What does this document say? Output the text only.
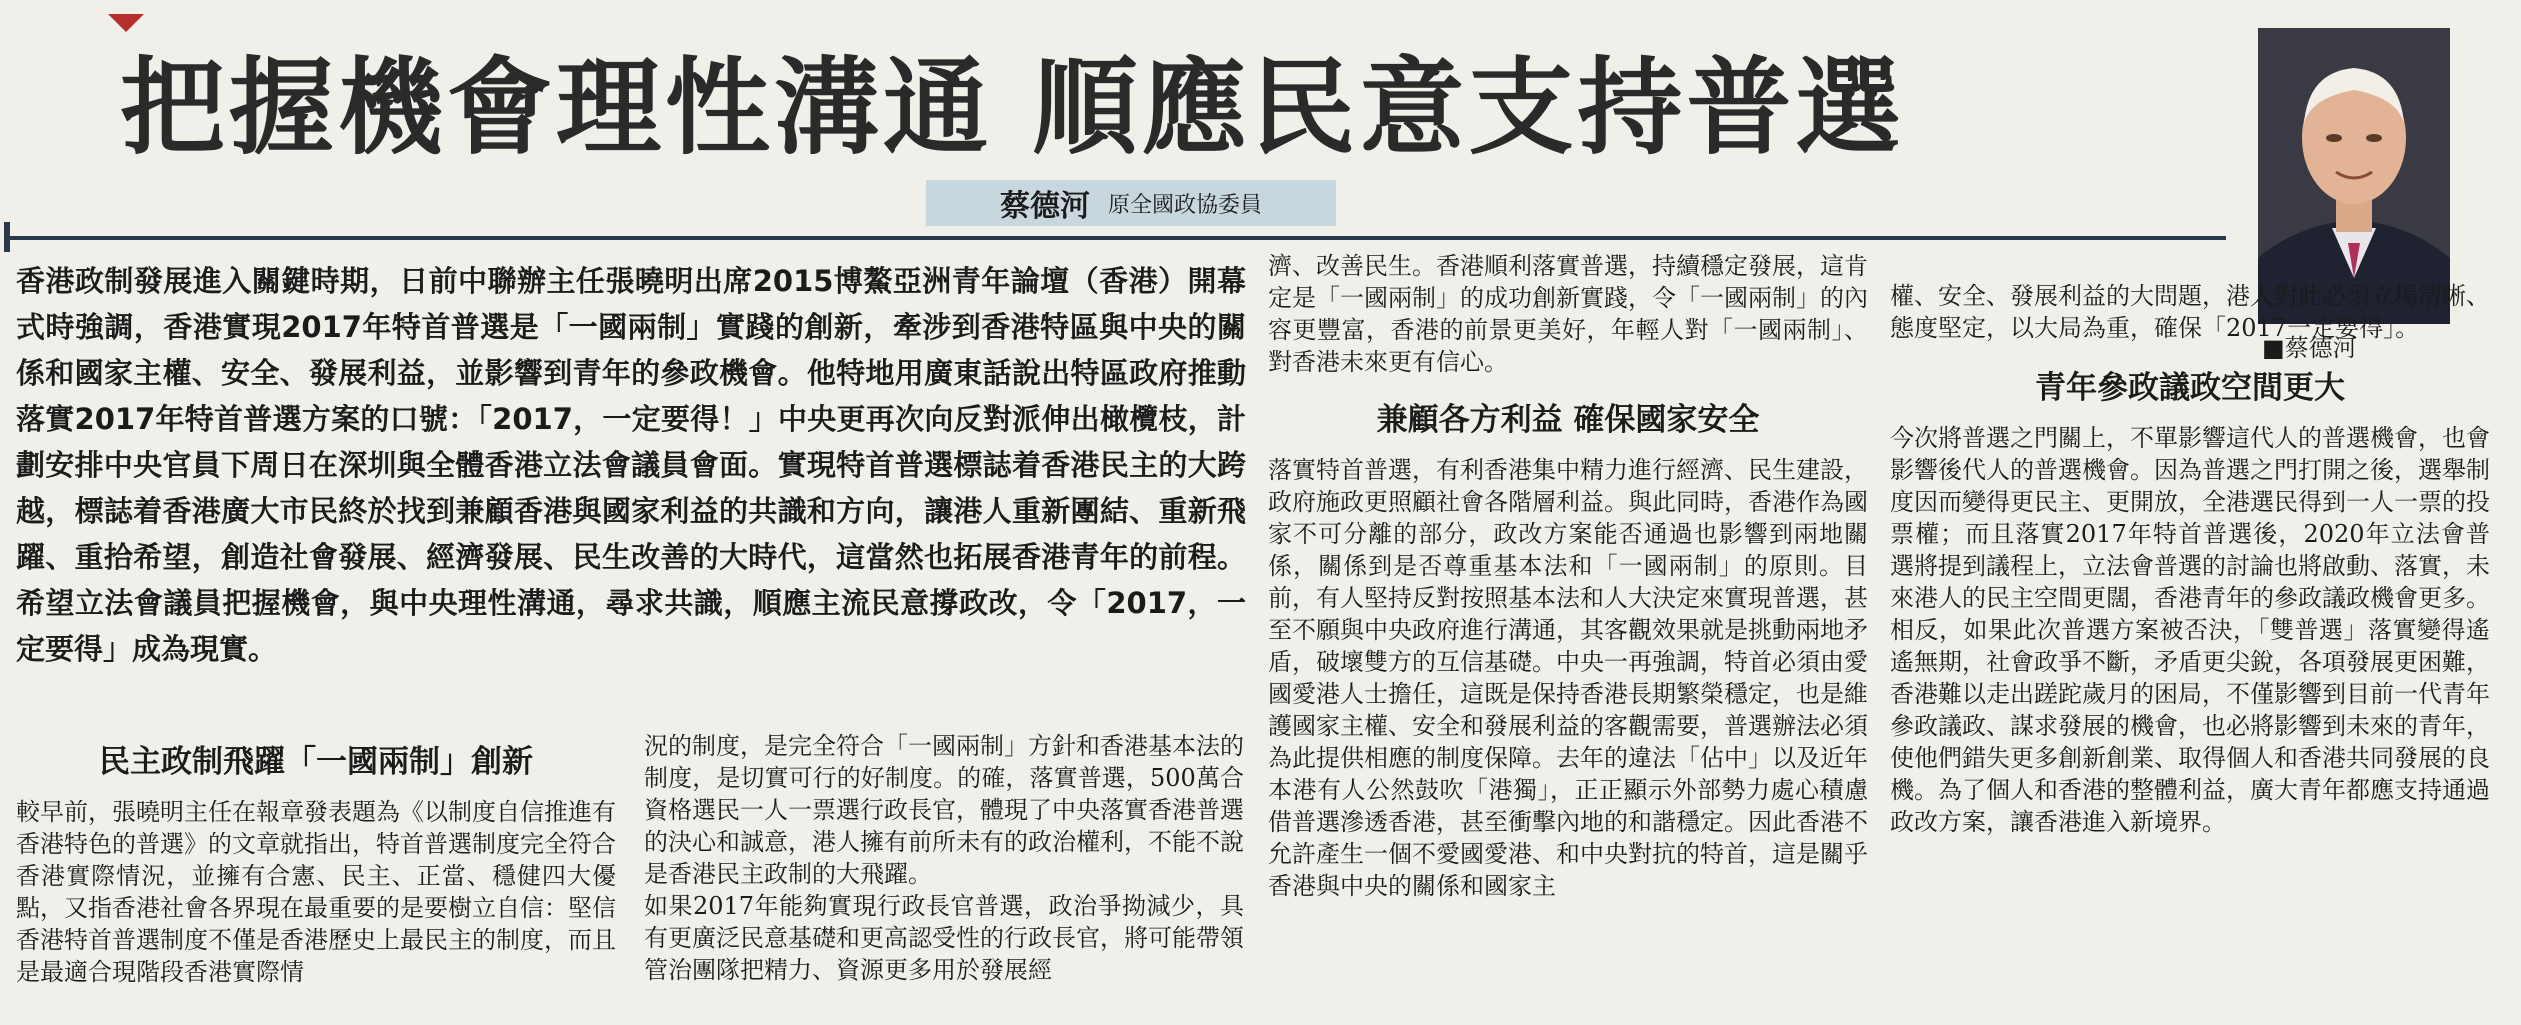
把握機會理性溝通 順應民意支持普選
蔡德河 原全國政協委員
■蔡德河

香港政制發展進入關鍵時期，日前中聯辦主任張曉明出席2015博鰲亞洲青年論壇（香港）開幕式時強調，香港實現2017年特首普選是「一國兩制」實踐的創新，牽涉到香港特區與中央的關係和國家主權、安全、發展利益，並影響到青年的參政機會。他特地用廣東話說出特區政府推動落實2017年特首普選方案的口號：「2017，一定要得！」中央更再次向反對派伸出橄欖枝，計劃安排中央官員下周日在深圳與全體香港立法會議員會面。實現特首普選標誌着香港民主的大跨越，標誌着香港廣大市民終於找到兼顧香港與國家利益的共識和方向，讓港人重新團結、重新飛躍、重拾希望，創造社會發展、經濟發展、民生改善的大時代，這當然也拓展香港青年的前程。希望立法會議員把握機會，與中央理性溝通，尋求共識，順應主流民意撐政改，令「2017，一定要得」成為現實。

民主政制飛躍「一國兩制」創新

較早前，張曉明主任在報章發表題為《以制度自信推進有香港特色的普選》的文章就指出，特首普選制度完全符合香港實際情況，並擁有合憲、民主、正當、穩健四大優點，又指香港社會各界現在最重要的是要樹立自信：堅信香港特首普選制度不僅是香港歷史上最民主的制度，而且是最適合現階段香港實際情

況的制度，是完全符合「一國兩制」方針和香港基本法的制度，是切實可行的好制度。的確，落實普選，500萬合資格選民一人一票選行政長官，體現了中央落實香港普選的決心和誠意，港人擁有前所未有的政治權利，不能不說是香港民主政制的大飛躍。

如果2017年能夠實現行政長官普選，政治爭拗減少，具有更廣泛民意基礎和更高認受性的行政長官，將可能帶領管治團隊把精力、資源更多用於發展經

濟、改善民生。香港順利落實普選，持續穩定發展，這肯定是「一國兩制」的成功創新實踐，令「一國兩制」的內容更豐富，香港的前景更美好，年輕人對「一國兩制」、對香港未來更有信心。

兼顧各方利益 確保國家安全

落實特首普選，有利香港集中精力進行經濟、民生建設，政府施政更照顧社會各階層利益。與此同時，香港作為國家不可分離的部分，政改方案能否通過也影響到兩地關係，關係到是否尊重基本法和「一國兩制」的原則。目前，有人堅持反對按照基本法和人大決定來實現普選，甚至不願與中央政府進行溝通，其客觀效果就是挑動兩地矛盾，破壞雙方的互信基礎。中央一再強調，特首必須由愛國愛港人士擔任，這既是保持香港長期繁榮穩定，也是維護國家主權、安全和發展利益的客觀需要，普選辦法必須為此提供相應的制度保障。去年的違法「佔中」以及近年本港有人公然鼓吹「港獨」，正正顯示外部勢力處心積慮借普選滲透香港，甚至衝擊內地的和諧穩定。因此香港不允許產生一個不愛國愛港、和中央對抗的特首，這是關乎香港與中央的關係和國家主

權、安全、發展利益的大問題，港人對此必須立場清晰、態度堅定，以大局為重，確保「2017一定要得」。

青年參政議政空間更大

今次將普選之門關上，不單影響這代人的普選機會，也會影響後代人的普選機會。因為普選之門打開之後，選舉制度因而變得更民主、更開放，全港選民得到一人一票的投票權；而且落實2017年特首普選後，2020年立法會普選將提到議程上，立法會普選的討論也將啟動、落實，未來港人的民主空間更闊，香港青年的參政議政機會更多。相反，如果此次普選方案被否決，「雙普選」落實變得遙遙無期，社會政爭不斷，矛盾更尖銳，各項發展更困難，香港難以走出蹉跎歲月的困局，不僅影響到目前一代青年參政議政、謀求發展的機會，也必將影響到未來的青年，使他們錯失更多創新創業、取得個人和香港共同發展的良機。為了個人和香港的整體利益，廣大青年都應支持通過政改方案，讓香港進入新境界。
